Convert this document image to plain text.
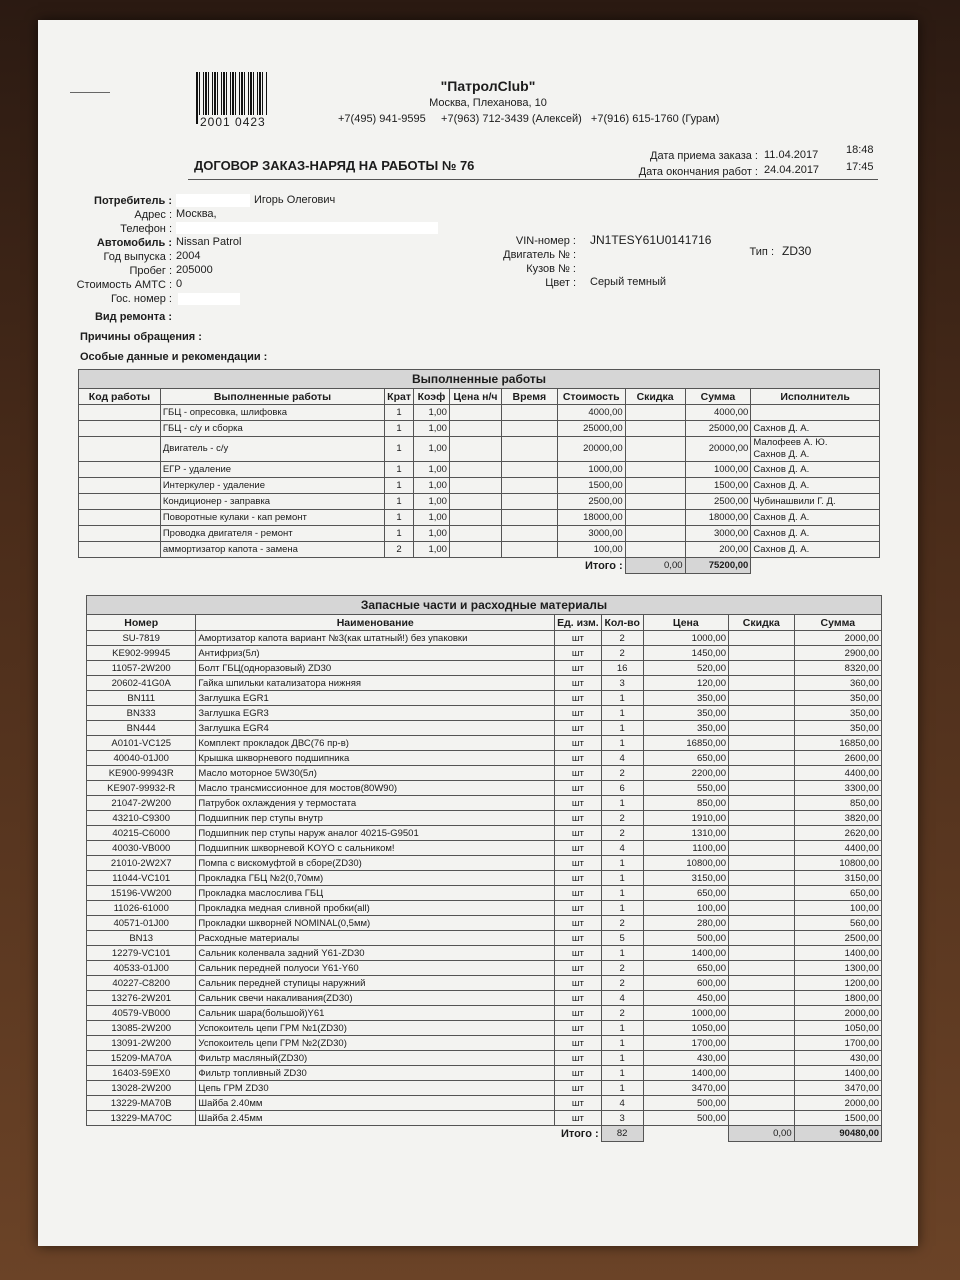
2001 0423
"ПатролClub"
Москва, Плеханова, 10
+7(495) 941-9595     +7(963) 712-3439 (Алексей)   +7(916) 615-1760 (Гурам)
ДОГОВОР ЗАКАЗ-НАРЯД НА РАБОТЫ № 76
Дата приема заказа : 11.04.2017	18:48
Дата окончания работ : 24.04.2017 17:45
Потребитель :	Игорь Олегович
Адрес : Москва,
Телефон :
Автомобиль : Nissan Patrol
Год выпуска : 2004
Пробег : 205000
Стоимость АМТС : 0
Гос. номер :
VIN-номер : JN1TESY61U0141716
Двигатель № :
Кузов № :
Цвет : Серый темный
Тип : ZD30
Вид ремонта :
Причины обращения :
Особые данные и рекомендации :
Выполненные работы									
Код работы	Выполненные работы	Крат	Коэф	Цена н/ч	Время	Стоимость	Скидка	Сумма	Исполнитель
	ГБЦ - опресовка, шлифовка	1	1,00			4000,00		4000,00	
	ГБЦ - с/у и сборка	1	1,00			25000,00		25000,00	Сахнов Д. А.
	Двигатель - с/у	1	1,00			20000,00		20000,00	Малофеев А. Ю.
Сахнов Д. А.
	ЕГР - удаление	1	1,00			1000,00		1000,00	Сахнов Д. А.
	Интеркулер - удаление	1	1,00			1500,00		1500,00	Сахнов Д. А.
	Кондиционер - заправка	1	1,00			2500,00		2500,00	Чубинашвили Г. Д.
	Поворотные кулаки - кап ремонт	1	1,00			18000,00		18000,00	Сахнов Д. А.
	Проводка двигателя - ремонт	1	1,00			3000,00		3000,00	Сахнов Д. А.
	аммортизатор капота - замена	2	1,00			100,00		200,00	Сахнов Д. А.
					Итого :		0,00	75200,00	
Запасные части и расходные материалы						
Номер	Наименование	Ед. изм.	Кол-во	Цена	Скидка	Сумма
SU-7819	Амортизатор капота вариант №3(как штатный!) без упаковки	шт	2	1000,00		2000,00
KE902-99945	Антифриз(5л)	шт	2	1450,00		2900,00
11057-2W200	Болт ГБЦ(одноразовый) ZD30	шт	16	520,00		8320,00
20602-41G0A	Гайка шпильки катализатора нижняя	шт	3	120,00		360,00
BN111	Заглушка EGR1	шт	1	350,00		350,00
BN333	Заглушка EGR3	шт	1	350,00		350,00
BN444	Заглушка EGR4	шт	1	350,00		350,00
A0101-VC125	Комплект прокладок ДВС(76 пр-в)	шт	1	16850,00		16850,00
40040-01J00	Крышка шкворневого подшипника	шт	4	650,00		2600,00
KE900-99943R	Масло моторное 5W30(5л)	шт	2	2200,00		4400,00
KE907-99932-R	Масло трансмиссионное для мостов(80W90)	шт	6	550,00		3300,00
21047-2W200	Патрубок охлаждения у термостата	шт	1	850,00		850,00
43210-C9300	Подшипник пер ступы внутр	шт	2	1910,00		3820,00
40215-C6000	Подшипник пер ступы наруж аналог 40215-G9501	шт	2	1310,00		2620,00
40030-VB000	Подшипник шкворневой KOYO с сальником!	шт	4	1100,00		4400,00
21010-2W2X7	Помпа с вискомуфтой в сборе(ZD30)	шт	1	10800,00		10800,00
11044-VC101	Прокладка ГБЦ №2(0,70мм)	шт	1	3150,00		3150,00
15196-VW200	Прокладка маслослива ГБЦ	шт	1	650,00		650,00
11026-61000	Прокладка медная сливной пробки(all)	шт	1	100,00		100,00
40571-01J00	Прокладки шкворней NOMINAL(0,5мм)	шт	2	280,00		560,00
BN13	Расходные материалы	шт	5	500,00		2500,00
12279-VC101	Сальник коленвала задний Y61-ZD30	шт	1	1400,00		1400,00
40533-01J00	Сальник передней полуоси Y61-Y60	шт	2	650,00		1300,00
40227-C8200	Сальник передней ступицы наружний	шт	2	600,00		1200,00
13276-2W201	Сальник свечи накаливания(ZD30)	шт	4	450,00		1800,00
40579-VB000	Сальник шара(большой)Y61	шт	2	1000,00		2000,00
13085-2W200	Успокоитель цепи ГРМ №1(ZD30)	шт	1	1050,00		1050,00
13091-2W200	Успокоитель цепи ГРМ №2(ZD30)	шт	1	1700,00		1700,00
15209-MA70A	Фильтр масляный(ZD30)	шт	1	430,00		430,00
16403-59EX0	Фильтр топливный ZD30	шт	1	1400,00		1400,00
13028-2W200	Цепь ГРМ ZD30	шт	1	3470,00		3470,00
13229-MA70B	Шайба 2.40мм	шт	4	500,00		2000,00
13229-MA70C	Шайба 2.45мм	шт	3	500,00		1500,00
		Итого :	82		0,00	90480,00
